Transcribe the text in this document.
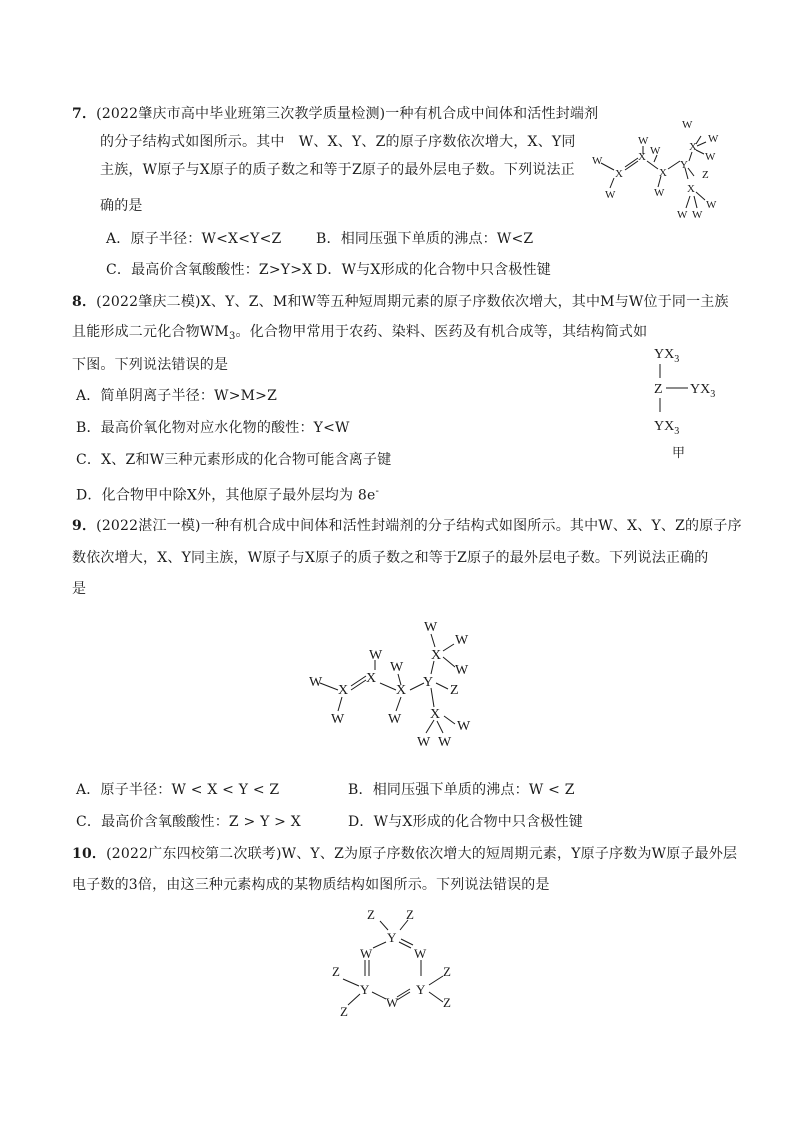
7．(2022肇庆市高中毕业班第三次教学质量检测)一种有机合成中间体和活性封端剂
的分子结构式如图所示。其中　W、X、Y、Z的原子序数依次增大，X、Y同
主族，W原子与X原子的质子数之和等于Z原子的最外层电子数。下列说法正
确的是
A．原子半径：W<X<Y<Z B．相同压强下单质的沸点：W<Z
C．最高价含氧酸酸性：Z>Y>X D．W与X形成的化合物中只含极性键
W
X
W
X
W
X
W
W
Y
X
W
W
W
Z
X
W W
W
8．(2022肇庆二模)X、Y、Z、M和W等五种短周期元素的原子序数依次增大，其中M与W位于同一主族
且能形成二元化合物$WM_3$。化合物甲常用于农药、染料、医药及有机合成等，其结构简式如
下图。下列说法错误的是
A．简单阴离子半径：W>M>Z
B．最高价氧化物对应水化物的酸性：Y<W
C．X、Z和W三种元素形成的化合物可能含离子键
D．化合物甲中除X外，其他原子最外层均为 8e-
$YX_3$
Z $YX_3$
$YX_3$
甲
9．(2022湛江一模)一种有机合成中间体和活性封端剂的分子结构式如图所示。其中W、X、Y、Z的原子序
数依次增大，X、Y同主族，W原子与X原子的质子数之和等于Z原子的最外层电子数。下列说法正确的
是
W
X
W
X
W
W
X
W
Y
X
W
W
W
Z
X
W W
W
A．原子半径：W < X < Y < Z	B．相同压强下单质的沸点：W < Z
C．最高价含氧酸酸性：Z > Y > X	D．W与X形成的化合物中只含极性键
10．(2022广东四校第二次联考)W、Y、Z为原子序数依次增大的短周期元素，Y原子序数为W原子最外层
电子数的3倍，由这三种元素构成的某物质结构如图所示。下列说法错误的是
Z Z
Y
W	W
Z
Y	Y
W
Z
Z
Z
